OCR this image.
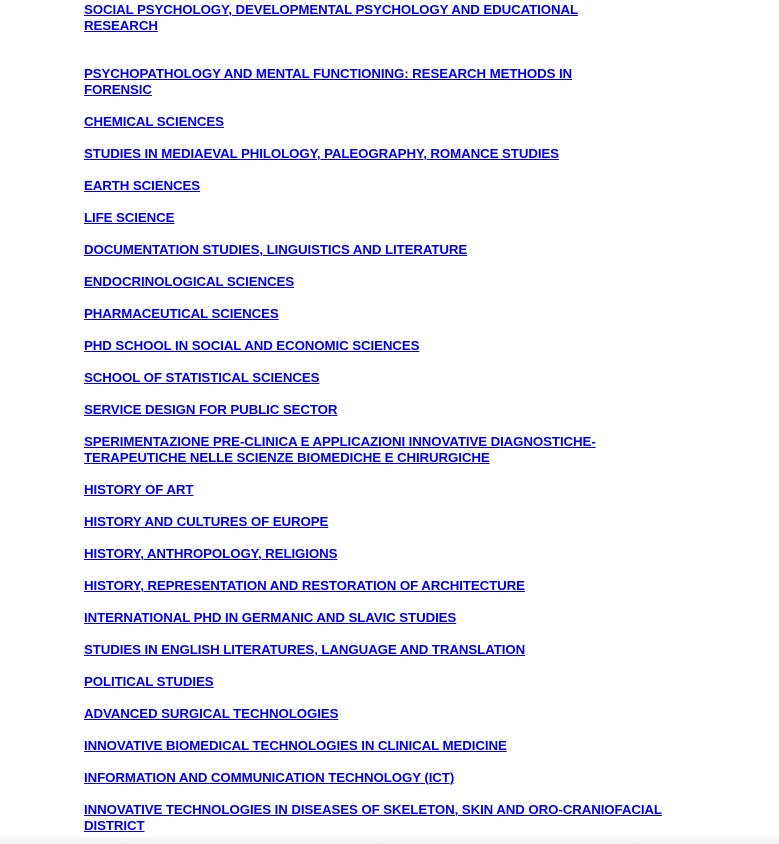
SOCIAL PSYCHOLOGY, DEVELOPMENTAL PSYCHOLOGY AND EDUCATIONAL RESEARCH
PSYCHOPATHOLOGY AND MENTAL FUNCTIONING: RESEARCH METHODS IN FORENSIC
CHEMICAL SCIENCES
STUDIES IN MEDIAEVAL PHILOLOGY, PALEOGRAPHY, ROMANCE STUDIES
EARTH SCIENCES
LIFE SCIENCE
DOCUMENTATION STUDIES, LINGUISTICS AND LITERATURE
ENDOCRINOLOGICAL SCIENCES
PHARMACEUTICAL SCIENCES
PHD SCHOOL IN SOCIAL AND ECONOMIC SCIENCES
SCHOOL OF STATISTICAL SCIENCES
SERVICE DESIGN FOR PUBLIC SECTOR
SPERIMENTAZIONE PRE-CLINICA E APPLICAZIONI INNOVATIVE DIAGNOSTICHE-TERAPEUTICHE NELLE SCIENZE BIOMEDICHE E CHIRURGICHE
HISTORY OF ART
HISTORY AND CULTURES OF EUROPE
HISTORY, ANTHROPOLOGY, RELIGIONS
HISTORY, REPRESENTATION AND RESTORATION OF ARCHITECTURE
INTERNATIONAL PHD IN GERMANIC AND SLAVIC STUDIES
STUDIES IN ENGLISH LITERATURES, LANGUAGE AND TRANSLATION
POLITICAL STUDIES
ADVANCED SURGICAL TECHNOLOGIES
INNOVATIVE BIOMEDICAL TECHNOLOGIES IN CLINICAL MEDICINE
INFORMATION AND COMMUNICATION TECHNOLOGY (ICT)
INNOVATIVE TECHNOLOGIES IN DISEASES OF SKELETON, SKIN AND ORO-CRANIOFACIAL DISTRICT
